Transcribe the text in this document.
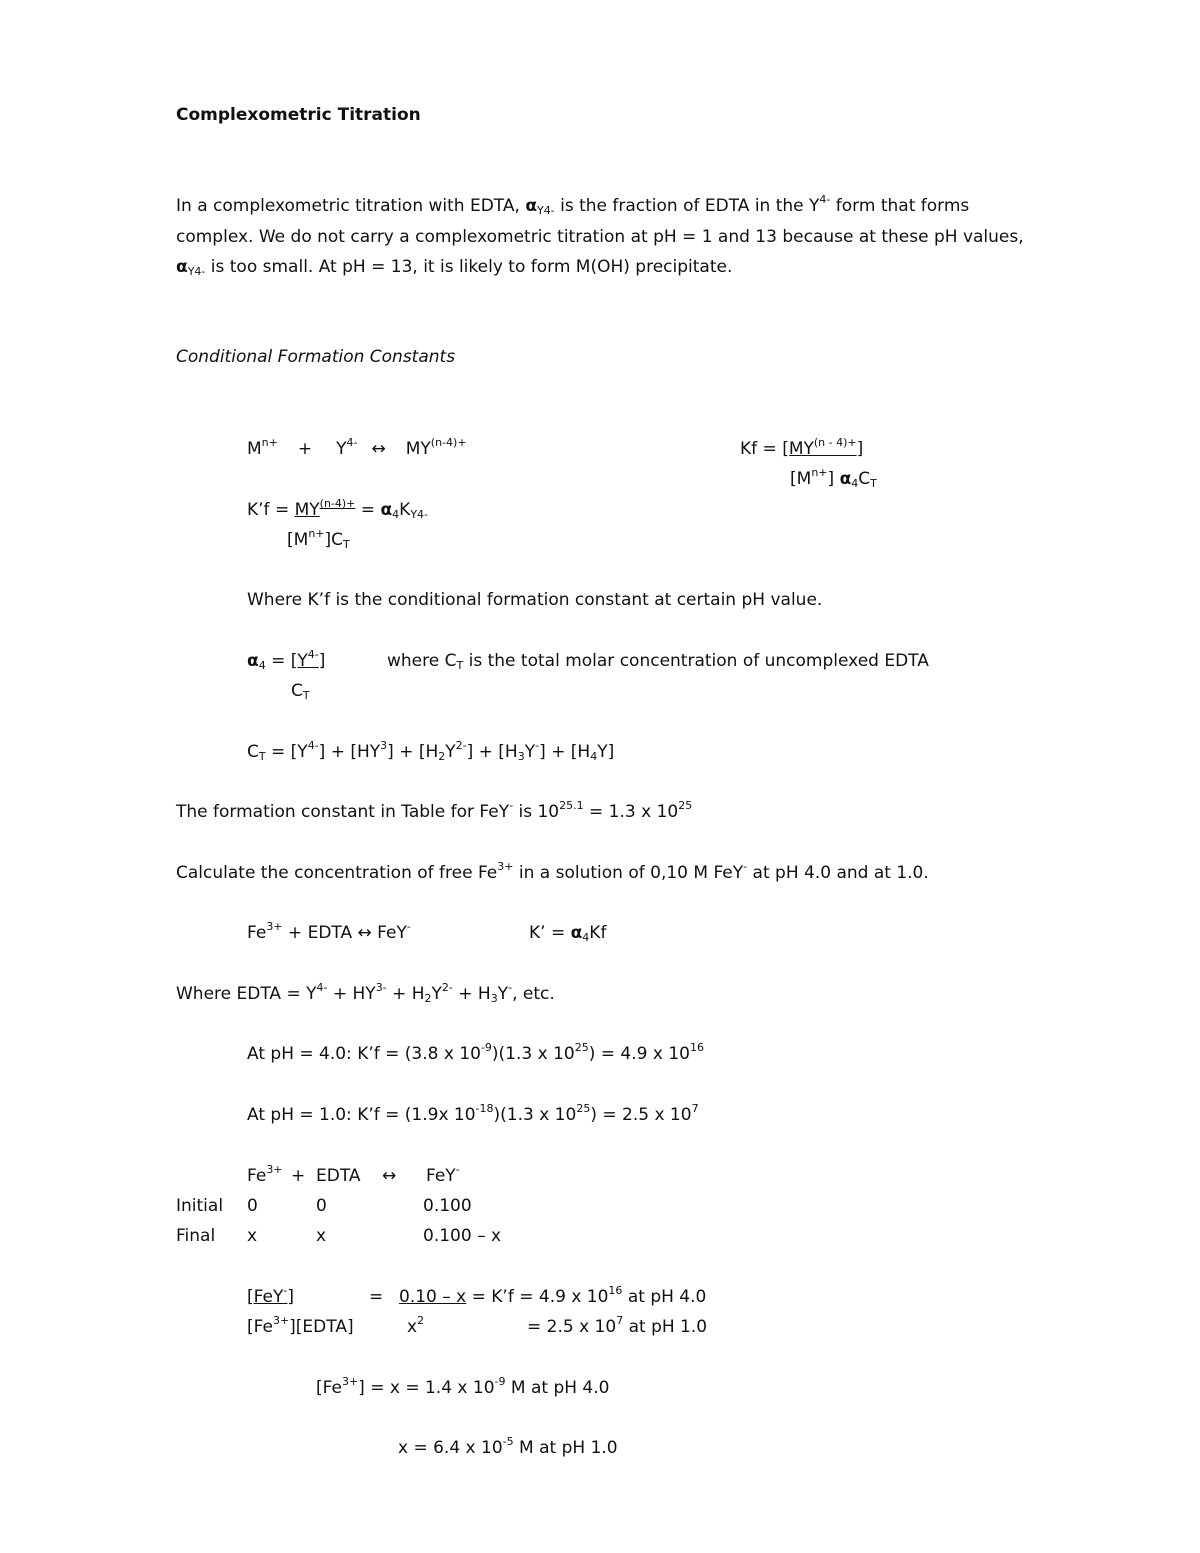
Complexometric Titration
In a complexometric titration with EDTA, αY4- is the fraction of EDTA in the $Y^{4-}$ form that forms
complex. We do not carry a complexometric titration at pH = 1 and 13 because at these pH values,
αY4- is too small. At pH = 13, it is likely to form M(OH) precipitate.
Conditional Formation Constants
$M^{n+} + Y^{4-}$ ↔ $MY^{(n-4)+}$	$Kf = [MY^{(n - 4)+}]$
$[M^{n+}]$ α4CT
K’f = $MY^{(n-4)+} = \alpha 4KY4-$
$[M^{n+}]CT$
Where K’f is the conditional formation constant at certain pH value.
$\alpha 4 = [Y^{4-}]$	where CT is the total molar concentration of uncomplexed EDTA
CT
CT = $[Y^{4-}] + [HY^3] + [H2Y^{2-}] + [H3Y^-] + [H4Y]$
The formation constant in Table for FeY- is $10^{25.1} = 1.3$ x $10^{25}$
Calculate the concentration of free $Fe^{3+}$ in a solution of 0,10 M FeY- at pH 4.0 and at 1.0.
$Fe^{3+}$ + EDTA ↔ FeY-	K’ = α4Kf
Where EDTA = $Y^{4-} + HY^{3-} + H2Y^{2-} + H3Y^-$, etc.
At pH = 4.0: K’f = (3.8 x $10^{-9})(1.3$ x $10^{25}) = 4.9$ x $10^{16}$
At pH = 1.0: K’f = (1.9x $10^{-18})(1.3$ x $10^{25}) = 2.5$ x $10^7$
$Fe^{3+}$ + EDTA ↔ FeY-
Initial 0	0	0.100
Final x	x	0.100 – x
[FeY-]	= 0.10 – x = K’f = 4.9 x $10^{16}$ at pH 4.0
$[Fe^{3+}][EDTA]$	$x^2$	= 2.5 x $10^7$ at pH 1.0
$[Fe^{3+}] = x = 1.4$ x $10^{-9}$ M at pH 4.0
x = 6.4 x $10^{-5}$ M at pH 1.0
